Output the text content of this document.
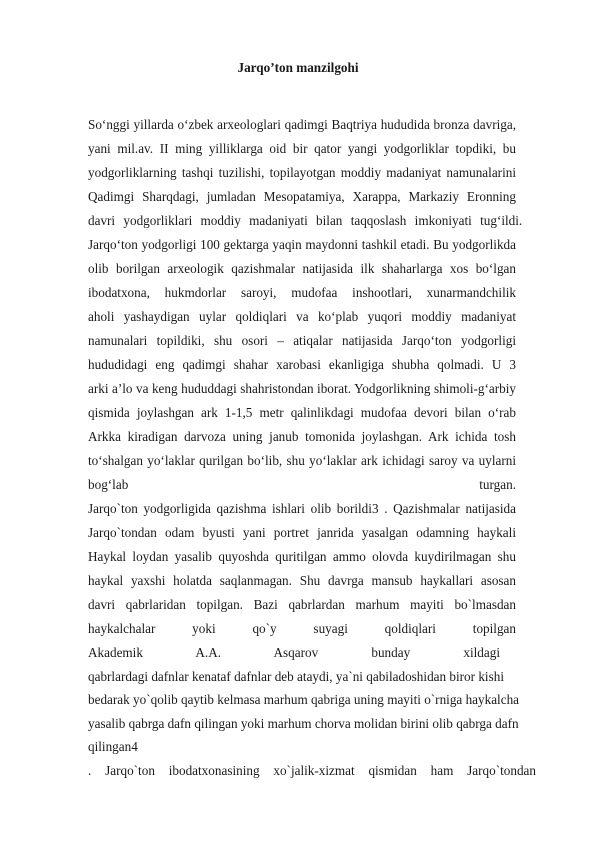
Jarqo’ton manzilgohi
So‘nggi yillarda o‘zbek arxeologlari qadimgi Baqtriya hududida bronza davriga,
yani mil.av. II ming yilliklarga oid bir qator yangi yodgorliklar topdiki, bu
yodgorliklarning tashqi tuzilishi, topilayotgan moddiy madaniyat namunalarini
Qadimgi Sharqdagi, jumladan Mesopatamiya, Xarappa, Markaziy Eronning
davri yodgorliklari moddiy madaniyati bilan taqqoslash imkoniyati tug‘ildi.
Jarqo‘ton yodgorligi 100 gektarga yaqin maydonni tashkil etadi. Bu yodgorlikda
olib borilgan arxeologik qazishmalar natijasida ilk shaharlarga xos bo‘lgan
ibodatxona, hukmdorlar saroyi, mudofaa inshootlari, xunarmandchilik
aholi yashaydigan uylar qoldiqlari va ko‘plab yuqori moddiy madaniyat
namunalari topildiki, shu osori – atiqalar natijasida Jarqo‘ton yodgorligi
hududidagi eng qadimgi shahar xarobasi ekanligiga shubha qolmadi. U 3
arki a’lo va keng hududdagi shahristondan iborat. Yodgorlikning shimoli-g‘arbiy
qismida joylashgan ark 1-1,5 metr qalinlikdagi mudofaa devori bilan o‘rab
Arkka kiradigan darvoza uning janub tomonida joylashgan. Ark ichida tosh
to‘shalgan yo‘laklar qurilgan bo‘lib, shu yo‘laklar ark ichidagi saroy va uylarni
bog‘lab turgan.
Jarqo`ton yodgorligida qazishma ishlari olib borildi3 . Qazishmalar natijasida
Jarqo`tondan odam byusti yani portret janrida yasalgan odamning haykali
Haykal loydan yasalib quyoshda quritilgan ammo olovda kuydirilmagan shu
haykal yaxshi holatda saqlanmagan. Shu davrga mansub haykallari asosan
davri qabrlaridan topilgan. Bazi qabrlardan marhum mayiti bo`lmasdan
haykalchalar yoki qo`y suyagi qoldiqlari topilgan
Akademik A.A. Asqarov bunday xildagi
qabrlardagi dafnlar kenataf dafnlar deb ataydi, ya`ni qabiladoshidan biror kishi
bedarak yo`qolib qaytib kelmasa marhum qabriga uning mayiti o`rniga haykalcha
yasalib qabrga dafn qilingan yoki marhum chorva molidan birini olib qabrga dafn
qilingan4
. Jarqo`ton ibodatxonasining xo`jalik-xizmat qismidan ham Jarqo`tondan
